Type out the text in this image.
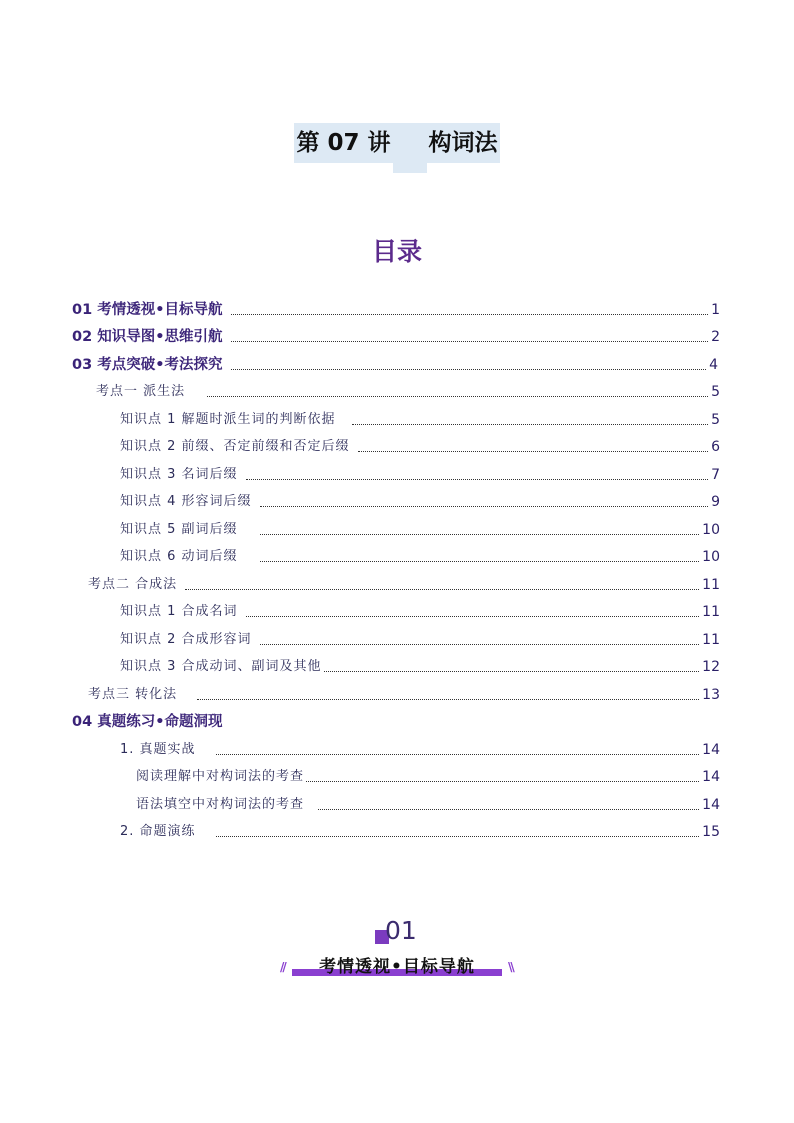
第 07 讲 构词法
目录
01 考情透视•目标导航	1
02 知识导图•思维引航	2
03 考点突破•考法探究	4
考点一 派生法	5
知识点 1 解题时派生词的判断依据	5
知识点 2 前缀、否定前缀和否定后缀	6
知识点 3 名词后缀	7
知识点 4 形容词后缀	9
知识点 5 副词后缀	10
知识点 6 动词后缀	10
考点二 合成法	11
知识点 1 合成名词	11
知识点 2 合成形容词	11
知识点 3 合成动词、副词及其他	12
考点三 转化法	13
04 真题练习•命题洞现
1. 真题实战	14
阅读理解中对构词法的考查	14
语法填空中对构词法的考查	14
2. 命题演练	15
01
// 考情透视•目标导航	\\
